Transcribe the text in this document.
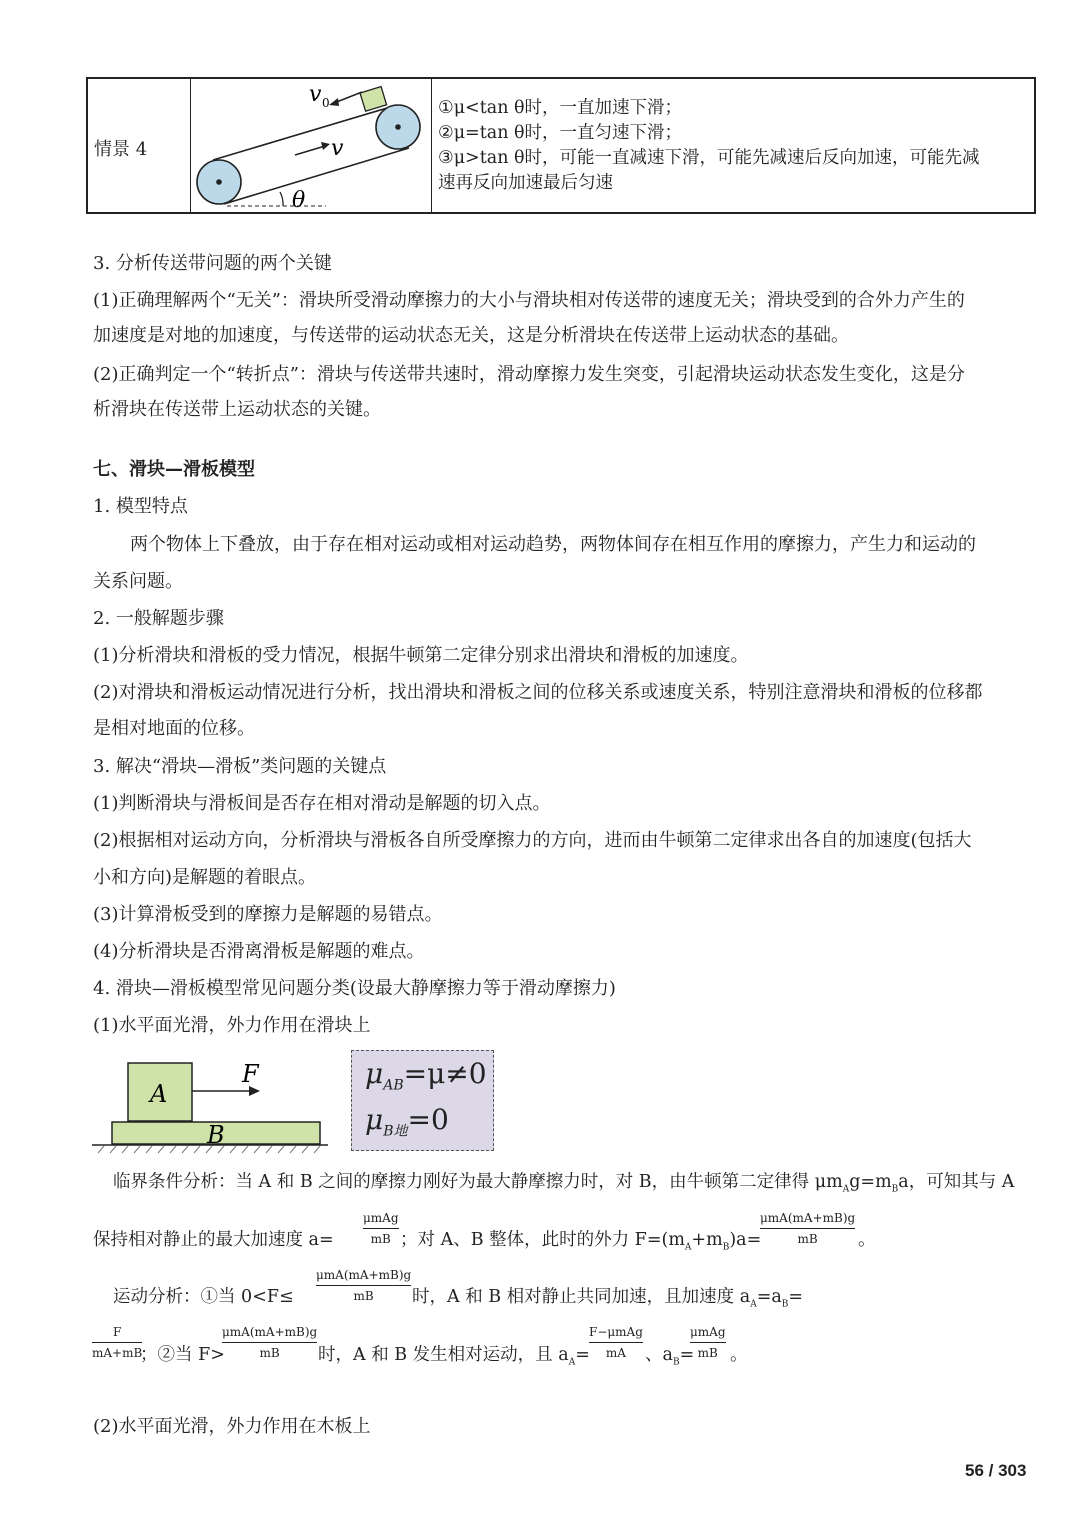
情景 4
v 0
v
θ
①μ<tan θ时，一直加速下滑；
②μ=tan θ时，一直匀速下滑；
③μ>tan θ时，可能一直减速下滑，可能先减速后反向加速，可能先减
速再反向加速最后匀速
3. 分析传送带问题的两个关键
(1)正确理解两个“无关”：滑块所受滑动摩擦力的大小与滑块相对传送带的速度无关；滑块受到的合外力产生的
加速度是对地的加速度，与传送带的运动状态无关，这是分析滑块在传送带上运动状态的基础。
(2)正确判定一个“转折点”：滑块与传送带共速时，滑动摩擦力发生突变，引起滑块运动状态发生变化，这是分
析滑块在传送带上运动状态的关键。
七、滑块—滑板模型
1. 模型特点
两个物体上下叠放，由于存在相对运动或相对运动趋势，两物体间存在相互作用的摩擦力，产生力和运动的
关系问题。
2. 一般解题步骤
(1)分析滑块和滑板的受力情况，根据牛顿第二定律分别求出滑块和滑板的加速度。
(2)对滑块和滑板运动情况进行分析，找出滑块和滑板之间的位移关系或速度关系，特别注意滑块和滑板的位移都
是相对地面的位移。
3. 解决“滑块—滑板”类问题的关键点
(1)判断滑块与滑板间是否存在相对滑动是解题的切入点。
(2)根据相对运动方向，分析滑块与滑板各自所受摩擦力的方向，进而由牛顿第二定律求出各自的加速度(包括大
小和方向)是解题的着眼点。
(3)计算滑板受到的摩擦力是解题的易错点。
(4)分析滑块是否滑离滑板是解题的难点。
4. 滑块—滑板模型常见问题分类(设最大静摩擦力等于滑动摩擦力)
(1)水平面光滑，外力作用在滑块上
A
B
F	$\mu_{AB}=\mu\ne 0$
$\mu_{B地}=0$
临界条件分析：当 A 和 B 之间的摩擦力刚好为最大静摩擦力时，对 B，由牛顿第二定律得 $\mu m_Ag=m_Ba$，可知其与 A
保持相对静止的最大加速度 a=
μmAg
mB ；对 A、B 整体，此时的外力 $F=(m_A+m_B)a=$
μmA(mA+mB)g
mB 。
运动分析：①当 0<F≤
μmA(mA+mB)g
mB 时，A 和 B 相对静止共同加速，且加速度 $a_A=a_B=$
F
mA+mB
；②当 F>
μmA(mA+mB)g
mB 时，A 和 B 发生相对运动，且 $a_A=$
F−μmAg
mA 、$a_B=$
μmAg
mB 。
(2)水平面光滑，外力作用在木板上
56 / 303
